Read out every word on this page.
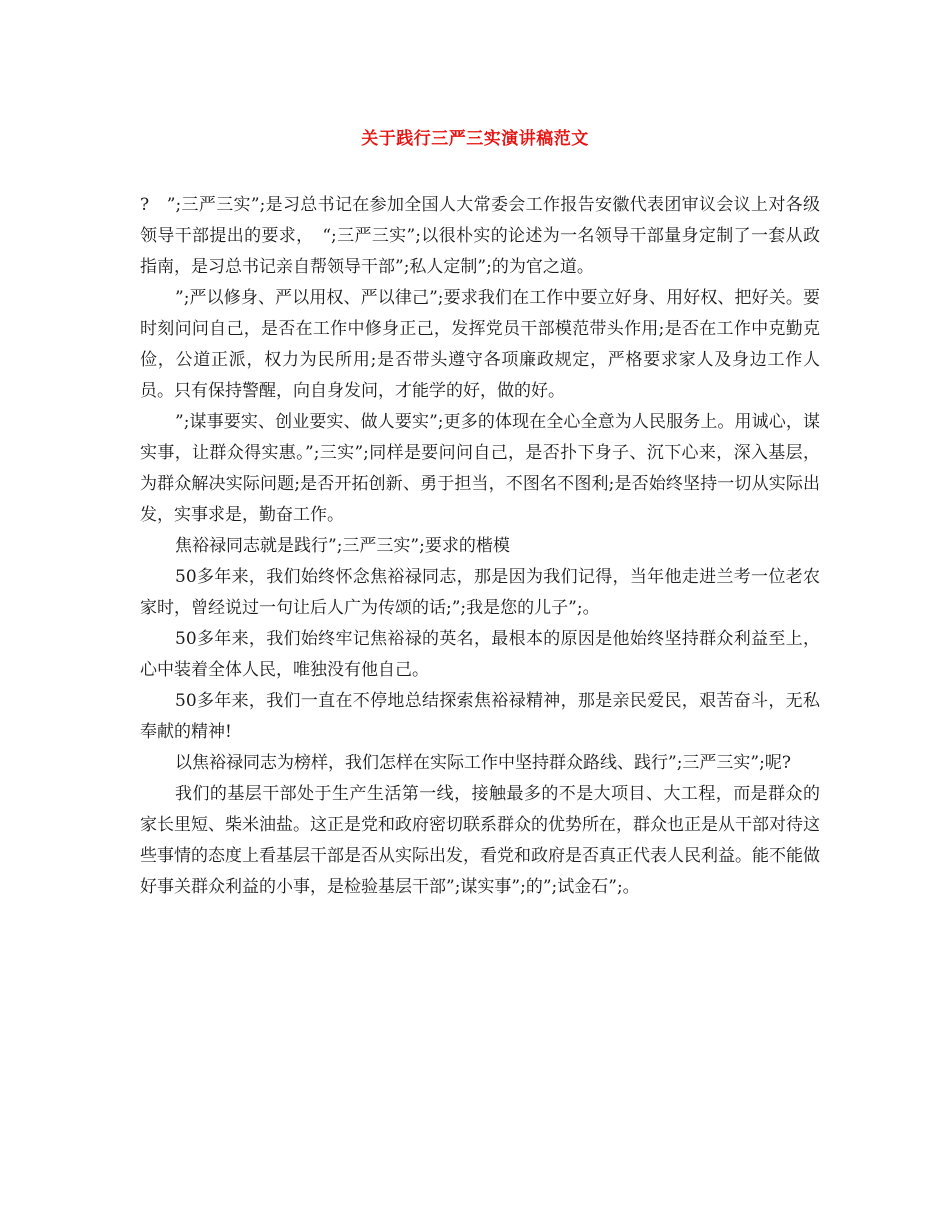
关于践行三严三实演讲稿范文

?　”;三严三实”;是习总书记在参加全国人大常委会工作报告安徽代表团审议会议上对各级领导干部提出的要求，　“;三严三实”;以很朴实的论述为一名领导干部量身定制了一套从政指南，是习总书记亲自帮领导干部”;私人定制”;的为官之道。

”;严以修身、严以用权、严以律己”;要求我们在工作中要立好身、用好权、把好关。要时刻问问自己，是否在工作中修身正己，发挥党员干部模范带头作用;是否在工作中克勤克俭，公道正派，权力为民所用;是否带头遵守各项廉政规定，严格要求家人及身边工作人员。只有保持警醒，向自身发问，才能学的好，做的好。

”;谋事要实、创业要实、做人要实”;更多的体现在全心全意为人民服务上。用诚心，谋实事，让群众得实惠。”;三实”;同样是要问问自己，是否扑下身子、沉下心来，深入基层，为群众解决实际问题;是否开拓创新、勇于担当，不图名不图利;是否始终坚持一切从实际出发，实事求是，勤奋工作。

焦裕禄同志就是践行”;三严三实”;要求的楷模

50多年来，我们始终怀念焦裕禄同志，那是因为我们记得，当年他走进兰考一位老农家时，曾经说过一句让后人广为传颂的话;”;我是您的儿子”;。

50多年来，我们始终牢记焦裕禄的英名，最根本的原因是他始终坚持群众利益至上，心中装着全体人民，唯独没有他自己。

50多年来，我们一直在不停地总结探索焦裕禄精神，那是亲民爱民，艰苦奋斗，无私奉献的精神!

以焦裕禄同志为榜样，我们怎样在实际工作中坚持群众路线、践行”;三严三实”;呢?

我们的基层干部处于生产生活第一线，接触最多的不是大项目、大工程，而是群众的家长里短、柴米油盐。这正是党和政府密切联系群众的优势所在，群众也正是从干部对待这些事情的态度上看基层干部是否从实际出发，看党和政府是否真正代表人民利益。能不能做好事关群众利益的小事，是检验基层干部”;谋实事”;的”;试金石”;。
